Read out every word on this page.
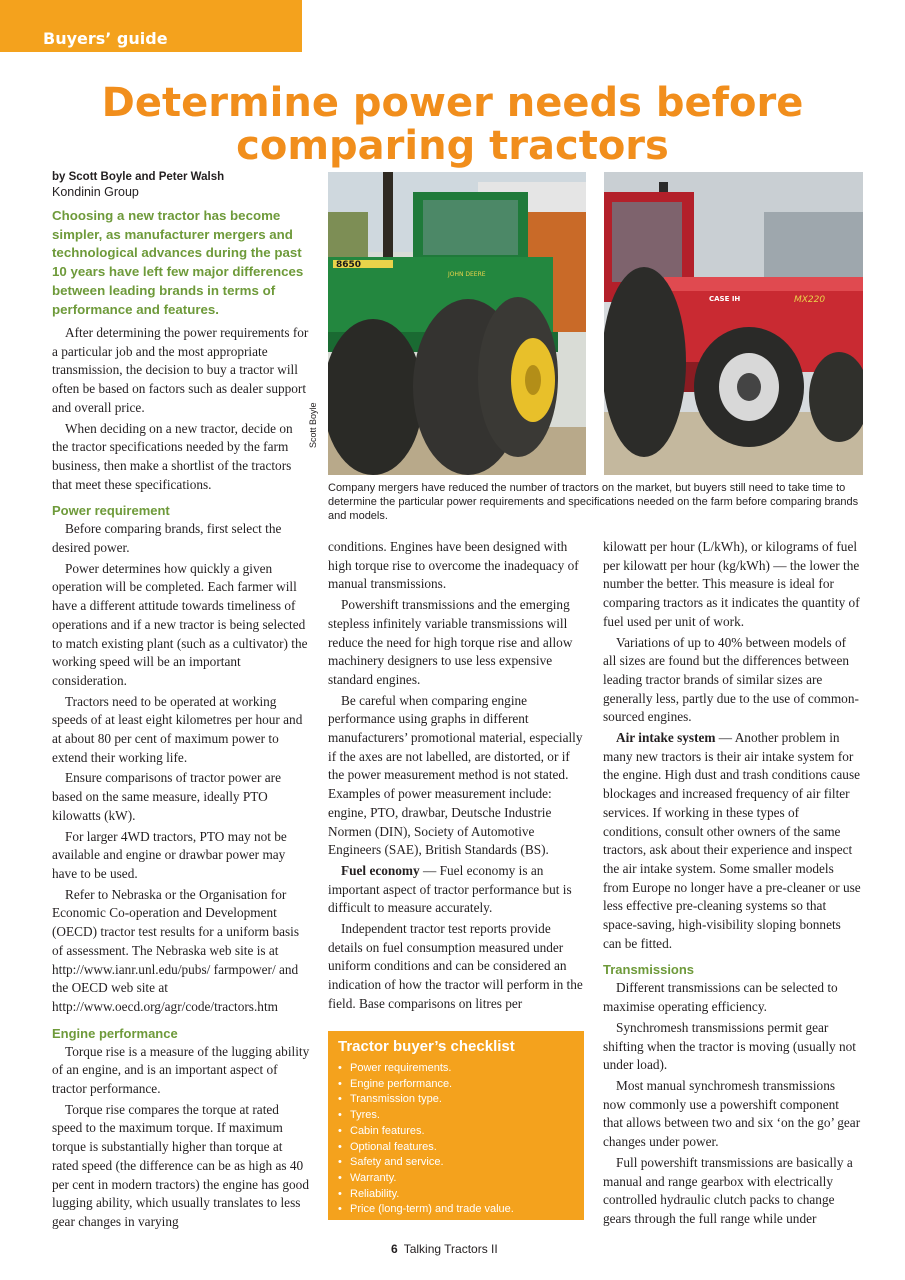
Buyers’ guide
Determine power needs before
comparing tractors
by Scott Boyle and Peter Walsh
Kondinin Group
Choosing a new tractor has become simpler, as manufacturer mergers and technological advances during the past 10 years have left few major differences between leading brands in terms of performance and features.

After determining the power requirements for a particular job and the most appropriate transmission, the decision to buy a tractor will often be based on factors such as dealer support and overall price.

When deciding on a new tractor, decide on the tractor specifications needed by the farm business, then make a shortlist of the tractors that meet these specifications.

Power requirement

Before comparing brands, first select the desired power.

Power determines how quickly a given operation will be completed. Each farmer will have a different attitude towards timeliness of operations and if a new tractor is being selected to match existing plant (such as a cultivator) the working speed will be an important consideration.

Tractors need to be operated at working speeds of at least eight kilometres per hour and at about 80 per cent of maximum power to extend their working life.

Ensure comparisons of tractor power are based on the same measure, ideally PTO kilowatts (kW).

For larger 4WD tractors, PTO may not be available and engine or drawbar power may have to be used.

Refer to Nebraska or the Organisation for Economic Co-operation and Development (OECD) tractor test results for a uniform basis of assessment. The Nebraska web site is at http://www.ianr.unl.edu/pubs/ farmpower/ and the OECD web site at http://www.oecd.org/agr/code/tractors.htm

Engine performance

Torque rise is a measure of the lugging ability of an engine, and is an important aspect of tractor performance.

Torque rise compares the torque at rated speed to the maximum torque. If maximum torque is substantially higher than torque at rated speed (the difference can be as high as 40 per cent in modern tractors) the engine has good lugging ability, which usually translates to less gear changes in varying

8650
JOHN DEERE
Scott Boyle
CASE IH	MX220
Company mergers have reduced the number of tractors on the market, but buyers still need to take time to determine the particular power requirements and specifications needed on the farm before comparing brands and models.

conditions. Engines have been designed with high torque rise to overcome the inadequacy of manual transmissions.

Powershift transmissions and the emerging stepless infinitely variable transmissions will reduce the need for high torque rise and allow machinery designers to use less expensive standard engines.

Be careful when comparing engine performance using graphs in different manufacturers’ promotional material, especially if the axes are not labelled, are distorted, or if the power measurement method is not stated. Examples of power measurement include: engine, PTO, drawbar, Deutsche Industrie Normen (DIN), Society of Automotive Engineers (SAE), British Standards (BS).

Fuel economy — Fuel economy is an important aspect of tractor performance but is difficult to measure accurately.

Independent tractor test reports provide details on fuel consumption measured under uniform conditions and can be considered an indication of how the tractor will perform in the field. Base comparisons on litres per

Tractor buyer’s checklist
• Power requirements.
• Engine performance.
• Transmission type.
• Tyres.
• Cabin features.
• Optional features.
• Safety and service.
• Warranty.
• Reliability.
• Price (long-term) and trade value.

kilowatt per hour (L/kWh), or kilograms of fuel per kilowatt per hour (kg/kWh) — the lower the number the better. This measure is ideal for comparing tractors as it indicates the quantity of fuel used per unit of work.

Variations of up to 40% between models of all sizes are found but the differences between leading tractor brands of similar sizes are generally less, partly due to the use of common-sourced engines.

Air intake system — Another problem in many new tractors is their air intake system for the engine. High dust and trash conditions cause blockages and increased frequency of air filter services. If working in these types of conditions, consult other owners of the same tractors, ask about their experience and inspect the air intake system. Some smaller models from Europe no longer have a pre-cleaner or use less effective pre-cleaning systems so that space-saving, high-visibility sloping bonnets can be fitted.

Transmissions

Different transmissions can be selected to maximise operating efficiency.

Synchromesh transmissions permit gear shifting when the tractor is moving (usually not under load).

Most manual synchromesh transmissions now commonly use a powershift component that allows between two and six ‘on the go’ gear changes under power.

Full powershift transmissions are basically a manual and range gearbox with electrically controlled hydraulic clutch packs to change gears through the full range while under

6 Talking Tractors II
